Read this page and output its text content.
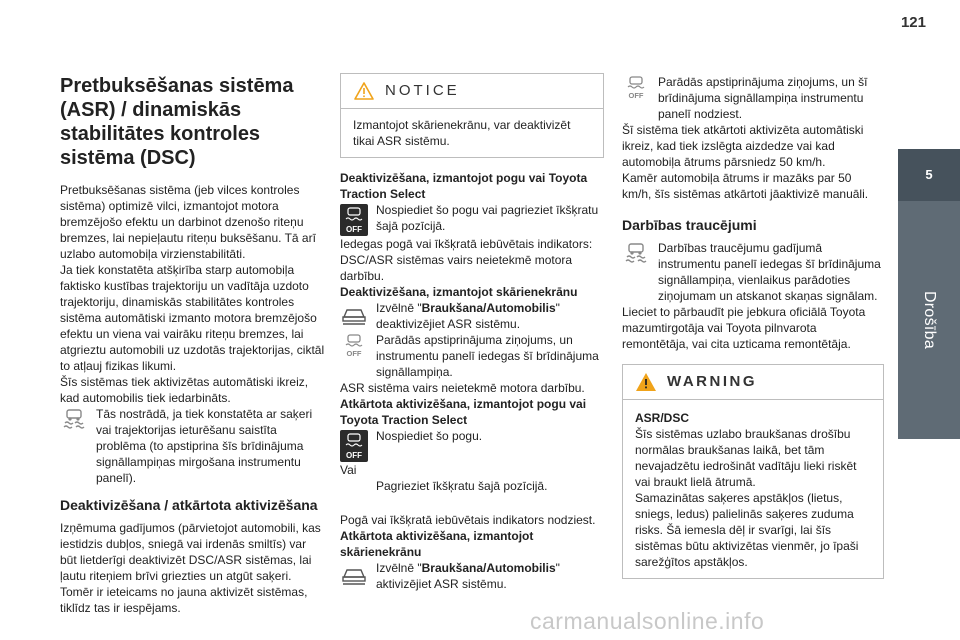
121
5
Drošība
Pretbuksēšanas sistēma (ASR) / dinamiskās stabilitātes kontroles sistēma (DSC)

Pretbuksēšanas sistēma (jeb vilces kontroles sistēma) optimizē vilci, izmantojot motora bremzējošo efektu un darbinot dzenošo riteņu bremzes, lai nepieļautu riteņu buksēšanu. Tā arī uzlabo automobiļa virzienstabilitāti.

Ja tiek konstatēta atšķirība starp automobiļa faktisko kustības trajektoriju un vadītāja uzdoto trajektoriju, dinamiskās stabilitātes kontroles sistēma automātiski izmanto motora bremzējošo efektu un viena vai vairāku riteņu bremzes, lai atgrieztu automobili uz uzdotās trajektorijas, ciktāl to atļauj fizikas likumi.

Šīs sistēmas tiek aktivizētas automātiski ikreiz, kad automobilis tiek iedarbināts.

Tās nostrādā, ja tiek konstatēta ar saķeri vai trajektorijas ieturēšanu saistīta problēma (to apstiprina šīs brīdinājuma signāllampiņas mirgošana instrumentu panelī).

Deaktivizēšana / atkārtota aktivizēšana

Izņēmuma gadījumos (pārvietojot automobili, kas iestidzis dubļos, sniegā vai irdenās smiltīs) var būt lietderīgi deaktivizēt DSC/ASR sistēmas, lai ļautu riteņiem brīvi griezties un atgūt saķeri.

Tomēr ir ieteicams no jauna aktivizēt sistēmas, tiklīdz tas ir iespējams.

NOTICE
Izmantojot skārienekrānu, var deaktivizēt tikai ASR sistēmu.

Deaktivizēšana, izmantojot pogu vai Toyota Traction Select

OFF

Nospiediet šo pogu vai pagrieziet īkšķratu šajā pozīcijā.

Iedegas pogā vai īkšķratā iebūvētais indikators: DSC/ASR sistēmas vairs neietekmē motora darbību.

Deaktivizēšana, izmantojot skārienekrānu

Izvēlnē "Braukšana/Automobilis" deaktivizējiet ASR sistēmu.

OFF

Parādās apstiprinājuma ziņojums, un instrumentu panelī iedegas šī brīdinājuma signāllampiņa.

ASR sistēma vairs neietekmē motora darbību.

Atkārtota aktivizēšana, izmantojot pogu vai Toyota Traction Select

OFF

Nospiediet šo pogu.

Vai

Pagrieziet īkšķratu šajā pozīcijā.

Pogā vai īkšķratā iebūvētais indikators nodziest.

Atkārtota aktivizēšana, izmantojot skārienekrānu

Izvēlnē "Braukšana/Automobilis" aktivizējiet ASR sistēmu.

OFF

Parādās apstiprinājuma ziņojums, un šī brīdinājuma signāllampiņa instrumentu panelī nodziest.

Šī sistēma tiek atkārtoti aktivizēta automātiski ikreiz, kad tiek izslēgta aizdedze vai kad automobiļa ātrums pārsniedz 50 km/h.

Kamēr automobiļa ātrums ir mazāks par 50 km/h, šīs sistēmas atkārtoti jāaktivizē manuāli.

Darbības traucējumi

Darbības traucējumu gadījumā instrumentu panelī iedegas šī brīdinājuma signāllampiņa, vienlaikus parādoties ziņojumam un atskanot skaņas signālam.

Lieciet to pārbaudīt pie jebkura oficiālā Toyota mazumtirgotāja vai Toyota pilnvarota remontētāja, vai cita uzticama remontētāja.

WARNING

ASR/DSC

Šīs sistēmas uzlabo braukšanas drošību normālas braukšanas laikā, bet tām nevajadzētu iedrošināt vadītāju lieki riskēt vai braukt lielā ātrumā.

Samazinātas saķeres apstākļos (lietus, sniegs, ledus) palielinās saķeres zuduma risks. Šā iemesla dēļ ir svarīgi, lai šīs sistēmas būtu aktivizētas vienmēr, jo īpaši sarežģītos apstākļos.

carmanualsonline.info
